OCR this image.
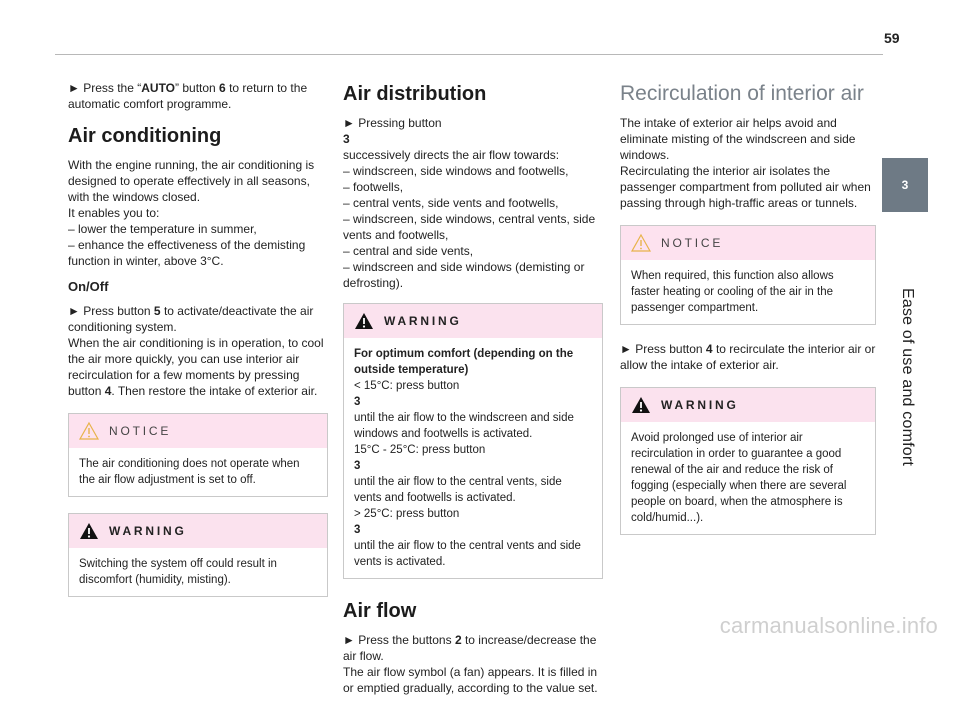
59
3
Ease of use and comfort

► Press the “AUTO” button 6 to return to the automatic comfort programme.

Air conditioning

With the engine running, the air conditioning is designed to operate effectively in all seasons, with the windows closed.

It enables you to:
– lower the temperature in summer,
– enhance the effectiveness of the demisting function in winter, above 3°C.

On/Off

► Press button 5 to activate/deactivate the air conditioning system.

When the air conditioning is in operation, to cool the air more quickly, you can use interior air recirculation for a few moments by pressing button 4. Then restore the intake of exterior air.

NOTICE
The air conditioning does not operate when the air flow adjustment is set to off.
WARNING
Switching the system off could result in discomfort (humidity, misting).
Air distribution

► Pressing button
3
successively directs the air flow towards:
– windscreen, side windows and footwells,
– footwells,
– central vents, side vents and footwells,
– windscreen, side windows, central vents, side vents and footwells,
– central and side vents,
– windscreen and side windows (demisting or defrosting).

WARNING
For optimum comfort (depending on the outside temperature)
< 15°C: press button
3
until the air flow to the windscreen and side windows and footwells is activated.
15°C - 25°C: press button
3
until the air flow to the central vents, side vents and footwells is activated.
> 25°C: press button
3
until the air flow to the central vents and side vents is activated.
Air flow

► Press the buttons 2 to increase/decrease the air flow.

The air flow symbol (a fan) appears. It is filled in or emptied gradually, according to the value set.

Recirculation of interior air

The intake of exterior air helps avoid and eliminate misting of the windscreen and side windows.
Recirculating the interior air isolates the passenger compartment from polluted air when passing through high-traffic areas or tunnels.

NOTICE
When required, this function also allows faster heating or cooling of the air in the passenger compartment.

► Press button 4 to recirculate the interior air or allow the intake of exterior air.

WARNING
Avoid prolonged use of interior air recirculation in order to guarantee a good renewal of the air and reduce the risk of fogging (especially when there are several people on board, when the atmosphere is cold/humid...).
carmanualsonline.info
